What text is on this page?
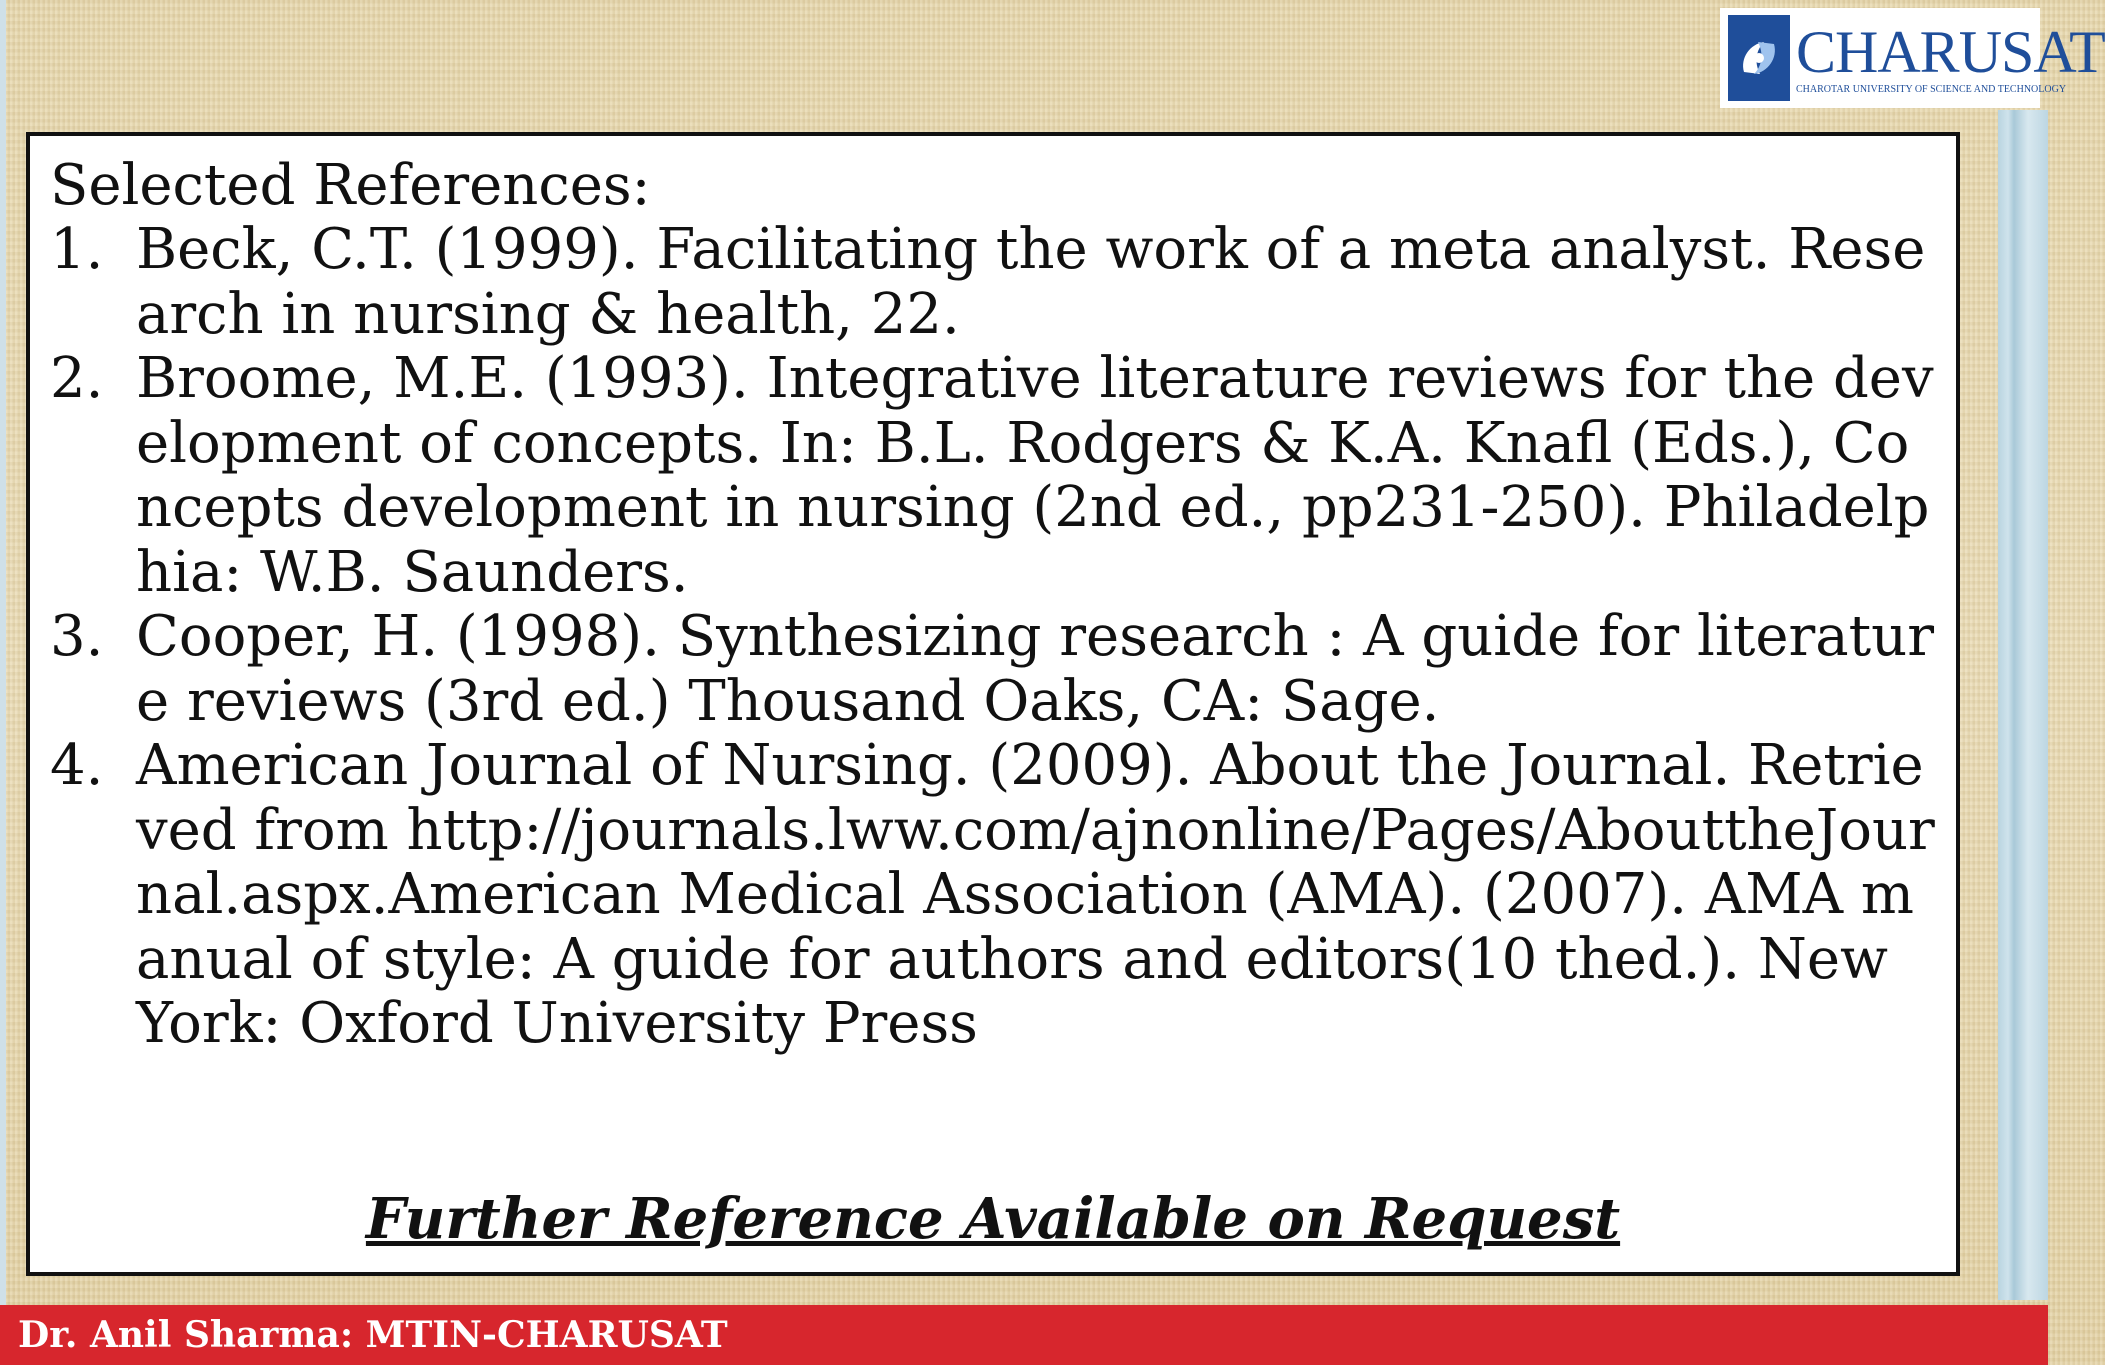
CHARUSAT
CHAROTAR UNIVERSITY OF SCIENCE AND TECHNOLOGY
Selected References:
1. Beck, C.T. (1999). Facilitating the work of a meta analyst. Research in nursing & health, 22.
2. Broome, M.E. (1993). Integrative literature reviews for the development of concepts. In: B.L. Rodgers & K.A. Knafl (Eds.), Concepts development in nursing (2nd ed., pp231-250). Philadelphia: W.B. Saunders.
3. Cooper, H. (1998). Synthesizing research : A guide for literature reviews (3rd ed.) Thousand Oaks, CA: Sage.
4. American Journal of Nursing. (2009). About the Journal. Retrieved from http://journals.lww.com/ajnonline/Pages/AbouttheJournal.aspx.American Medical Association (AMA). (2007). AMA manual of style: A guide for authors and editors(10 thed.). New York: Oxford University Press
Further Reference Available on Request
Dr. Anil Sharma: MTIN-CHARUSAT
